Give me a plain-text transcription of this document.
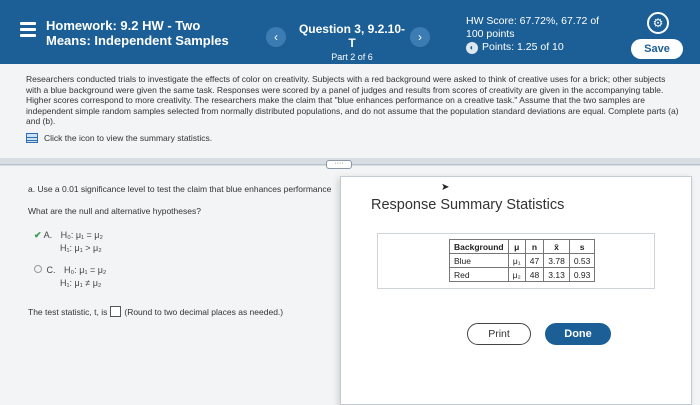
Homework: 9.2 HW - Two
Means: Independent Samples	‹
Question 3, 9.2.10-T
Part 2 of 6
›
HW Score: 67.72%, 67.72 of
100 points
◐ Points: 1.25 of 10
⚙
Save
Researchers conducted trials to investigate the effects of color on creativity. Subjects with a red background were asked to think of creative uses for a brick; other subjects with a blue background were given the same task. Responses were scored by a panel of judges and results from scores of creativity are given in the accompanying table. Higher scores correspond to more creativity. The researchers make the claim that "blue enhances performance on a creative task." Assume that the two samples are independent simple random samples selected from normally distributed populations, and do not assume that the population standard deviations are equal. Complete parts (a) and (b).
Click the icon to view the summary statistics.
····
a. Use a 0.01 significance level to test the claim that blue enhances performance
What are the null and alternative hypotheses?
✔ A. H₀: μ₁ = μ₂
H₁: μ₁ > μ₂
C. H₀: μ₁ = μ₂
H₁: μ₁ ≠ μ₂
The test statistic, t, is (Round to two decimal places as needed.)
➤
Response Summary Statistics
Background	μ	n	x̄	s
Blue	μ₁	47	3.78	0.53
Red	μ₂	48	3.13	0.93
Print	Done
